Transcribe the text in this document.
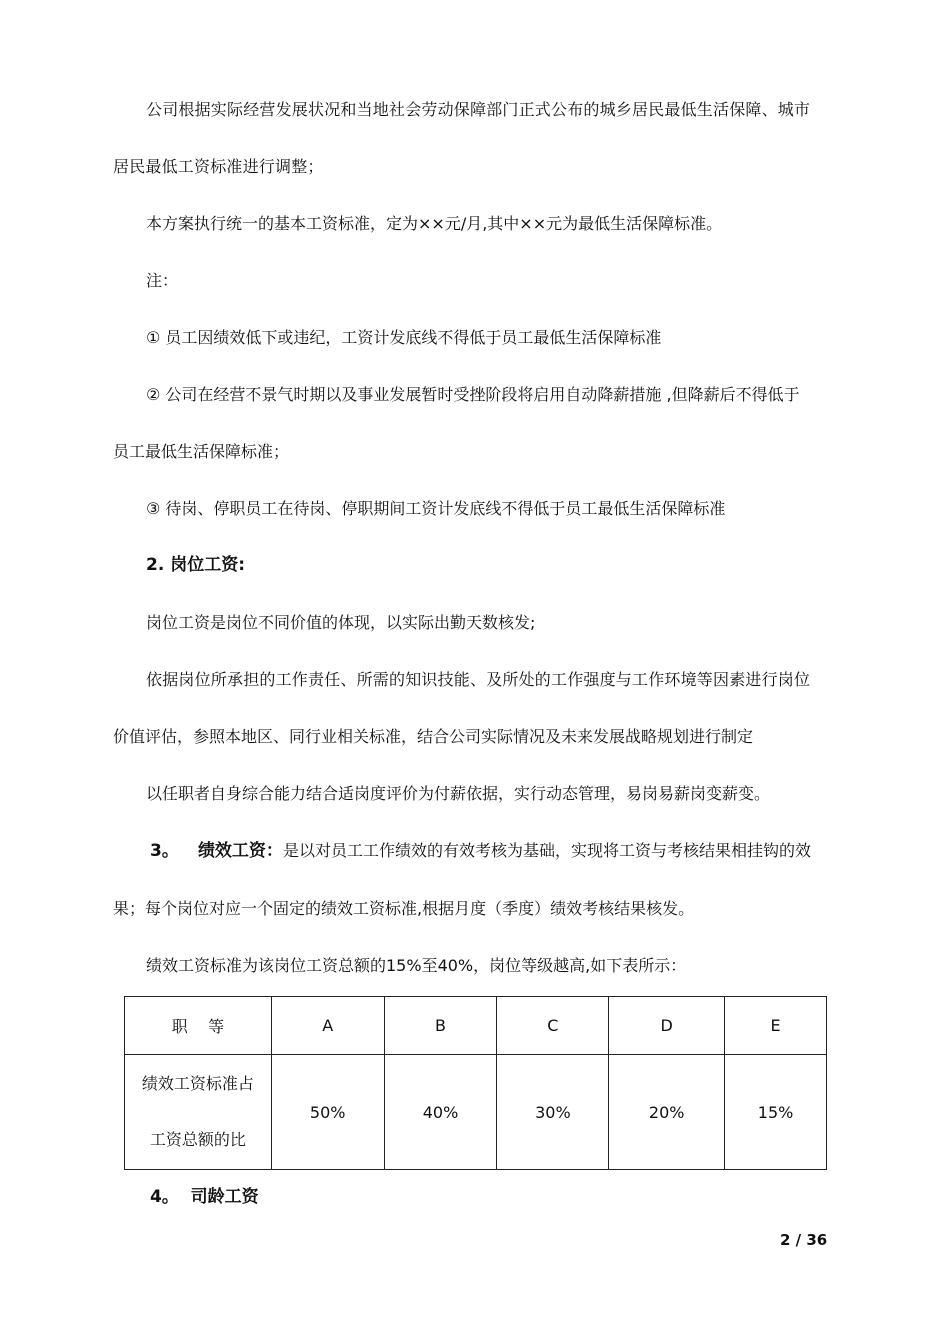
公司根据实际经营发展状况和当地社会劳动保障部门正式公布的城乡居民最低生活保障、城市
居民最低工资标准进行调整；
本方案执行统一的基本工资标准，定为××元/月,其中××元为最低生活保障标准。
注：
① 员工因绩效低下或违纪，工资计发底线不得低于员工最低生活保障标准
② 公司在经营不景气时期以及事业发展暂时受挫阶段将启用自动降薪措施 ,但降薪后不得低于
员工最低生活保障标准；
③ 待岗、停职员工在待岗、停职期间工资计发底线不得低于员工最低生活保障标准
2. 岗位工资:
岗位工资是岗位不同价值的体现，以实际出勤天数核发;
依据岗位所承担的工作责任、所需的知识技能、及所处的工作强度与工作环境等因素进行岗位
价值评估，参照本地区、同行业相关标准，结合公司实际情况及未来发展战略规划进行制定
以任职者自身综合能力结合适岗度评价为付薪依据，实行动态管理，易岗易薪岗变薪变。
3。 绩效工资：是以对员工工作绩效的有效考核为基础，实现将工资与考核结果相挂钩的效
果；每个岗位对应一个固定的绩效工资标准,根据月度（季度）绩效考核结果核发。
绩效工资标准为该岗位工资总额的15%至40%，岗位等级越高,如下表所示：
职    等	A	B	C	D	E

绩效工资标准占
工资总额的比	50%	40%	30%	20%	15%
4。  司龄工资
2 / 36
